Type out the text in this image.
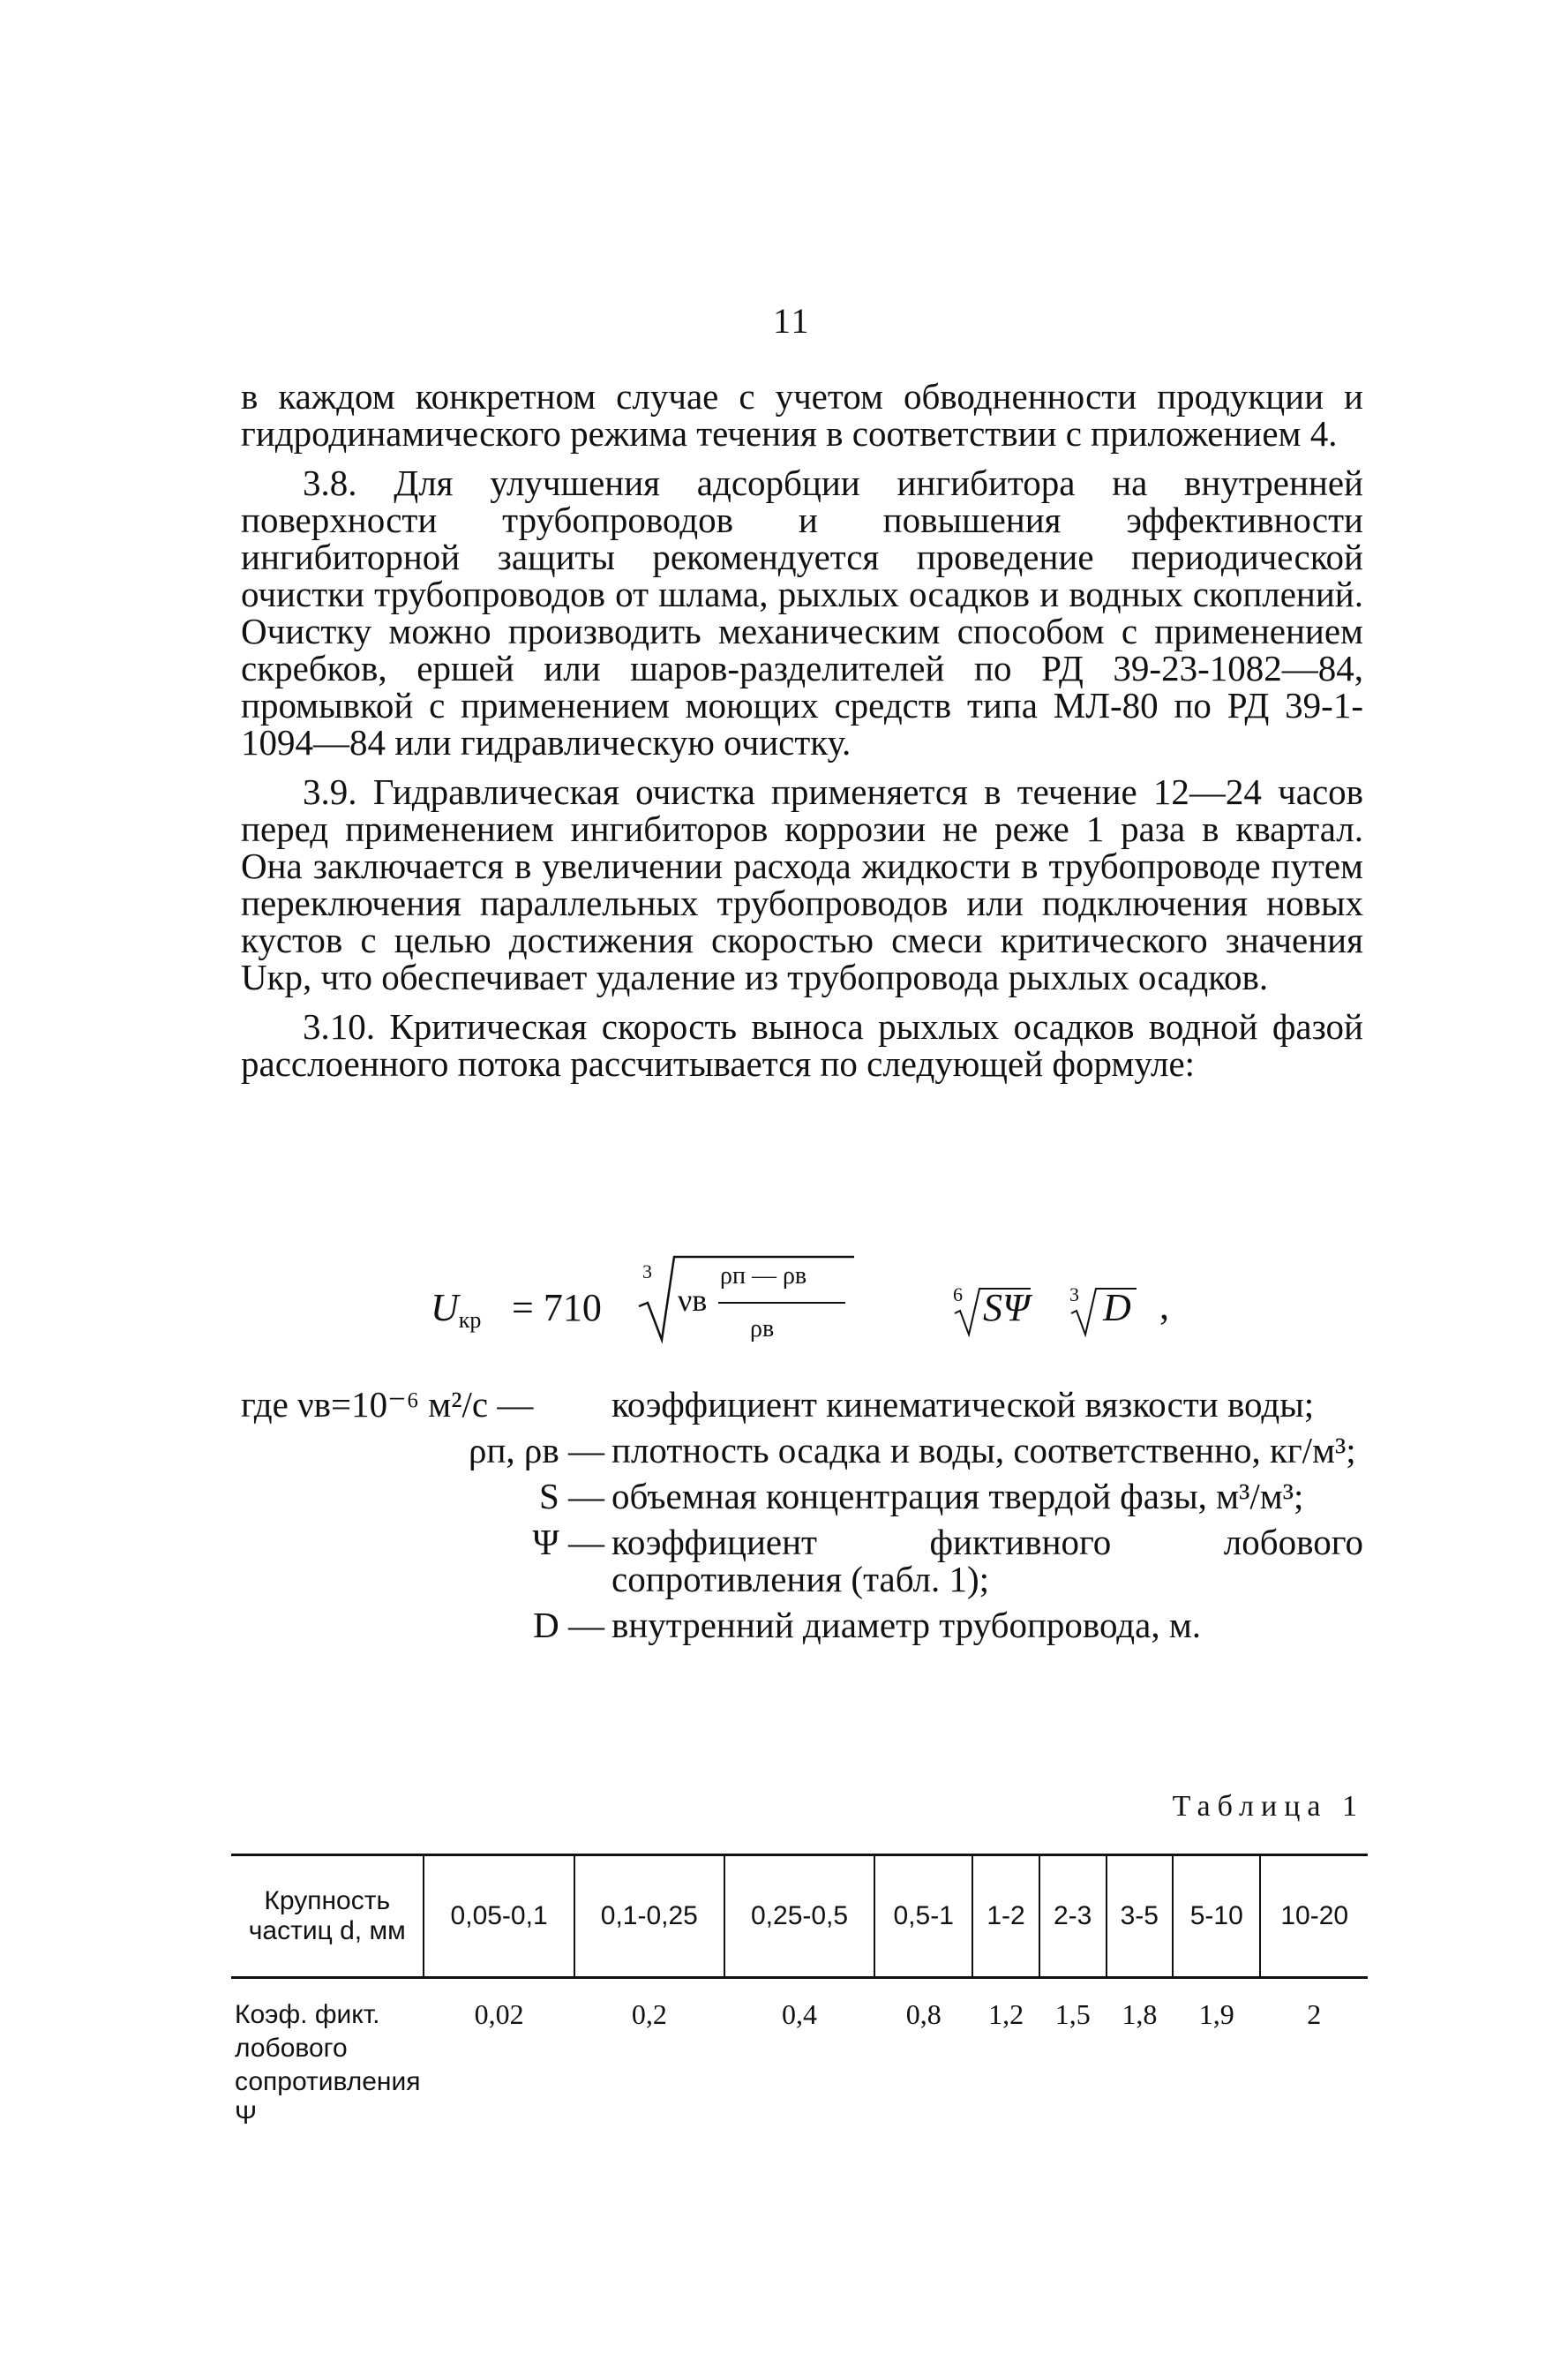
11

в каждом конкретном случае с учетом обводненности продукции и гидродинамического режима течения в соответствии с приложением 4.

3.8. Для улучшения адсорбции ингибитора на внутренней поверхности трубопроводов и повышения эффективности ингибиторной защиты рекомендуется проведение периодической очистки трубопроводов от шлама, рыхлых осадков и водных скоплений. Очистку можно производить механическим способом с применением скребков, ершей или шаров-разделителей по РД 39-23-1082—84, промывкой с применением моющих средств типа МЛ-80 по РД 39-1-1094—84 или гидравлическую очистку.

3.9. Гидравлическая очистка применяется в течение 12—24 часов перед применением ингибиторов коррозии не реже 1 раза в квартал. Она заключается в увеличении расхода жидкости в трубопроводе путем переключения параллельных трубопроводов или подключения новых кустов с целью достижения скоростью смеси критического значения Uкр, что обеспечивает удаление из трубопровода рыхлых осадков.

3.10. Критическая скорость выноса рыхлых осадков водной фазой расслоенного потока рассчитывается по следующей формуле:

$U_{кр} = 710$
3
νв
ρп — ρв
ρв
6 SΨ 3 D ,
где νв=10⁻⁶ м²/с —	коэффициент кинематической вязкости воды;
ρп, ρв — плотность осадка и воды, соответственно, кг/м³;
S — объемная концентрация твердой фазы, м³/м³;
Ψ — коэффициент фиктивного лобового сопротивления (табл. 1);
D — внутренний диаметр трубопровода, м.
Таблица 1
Крупность частиц d, мм	0,05-0,1	0,1-0,25	0,25-0,5	0,5-1	1-2	2-3	3-5	5-10	10-20
Коэф. фикт. лобового сопротивления Ψ	0,02	0,2	0,4	0,8	1,2	1,5	1,8	1,9	2
